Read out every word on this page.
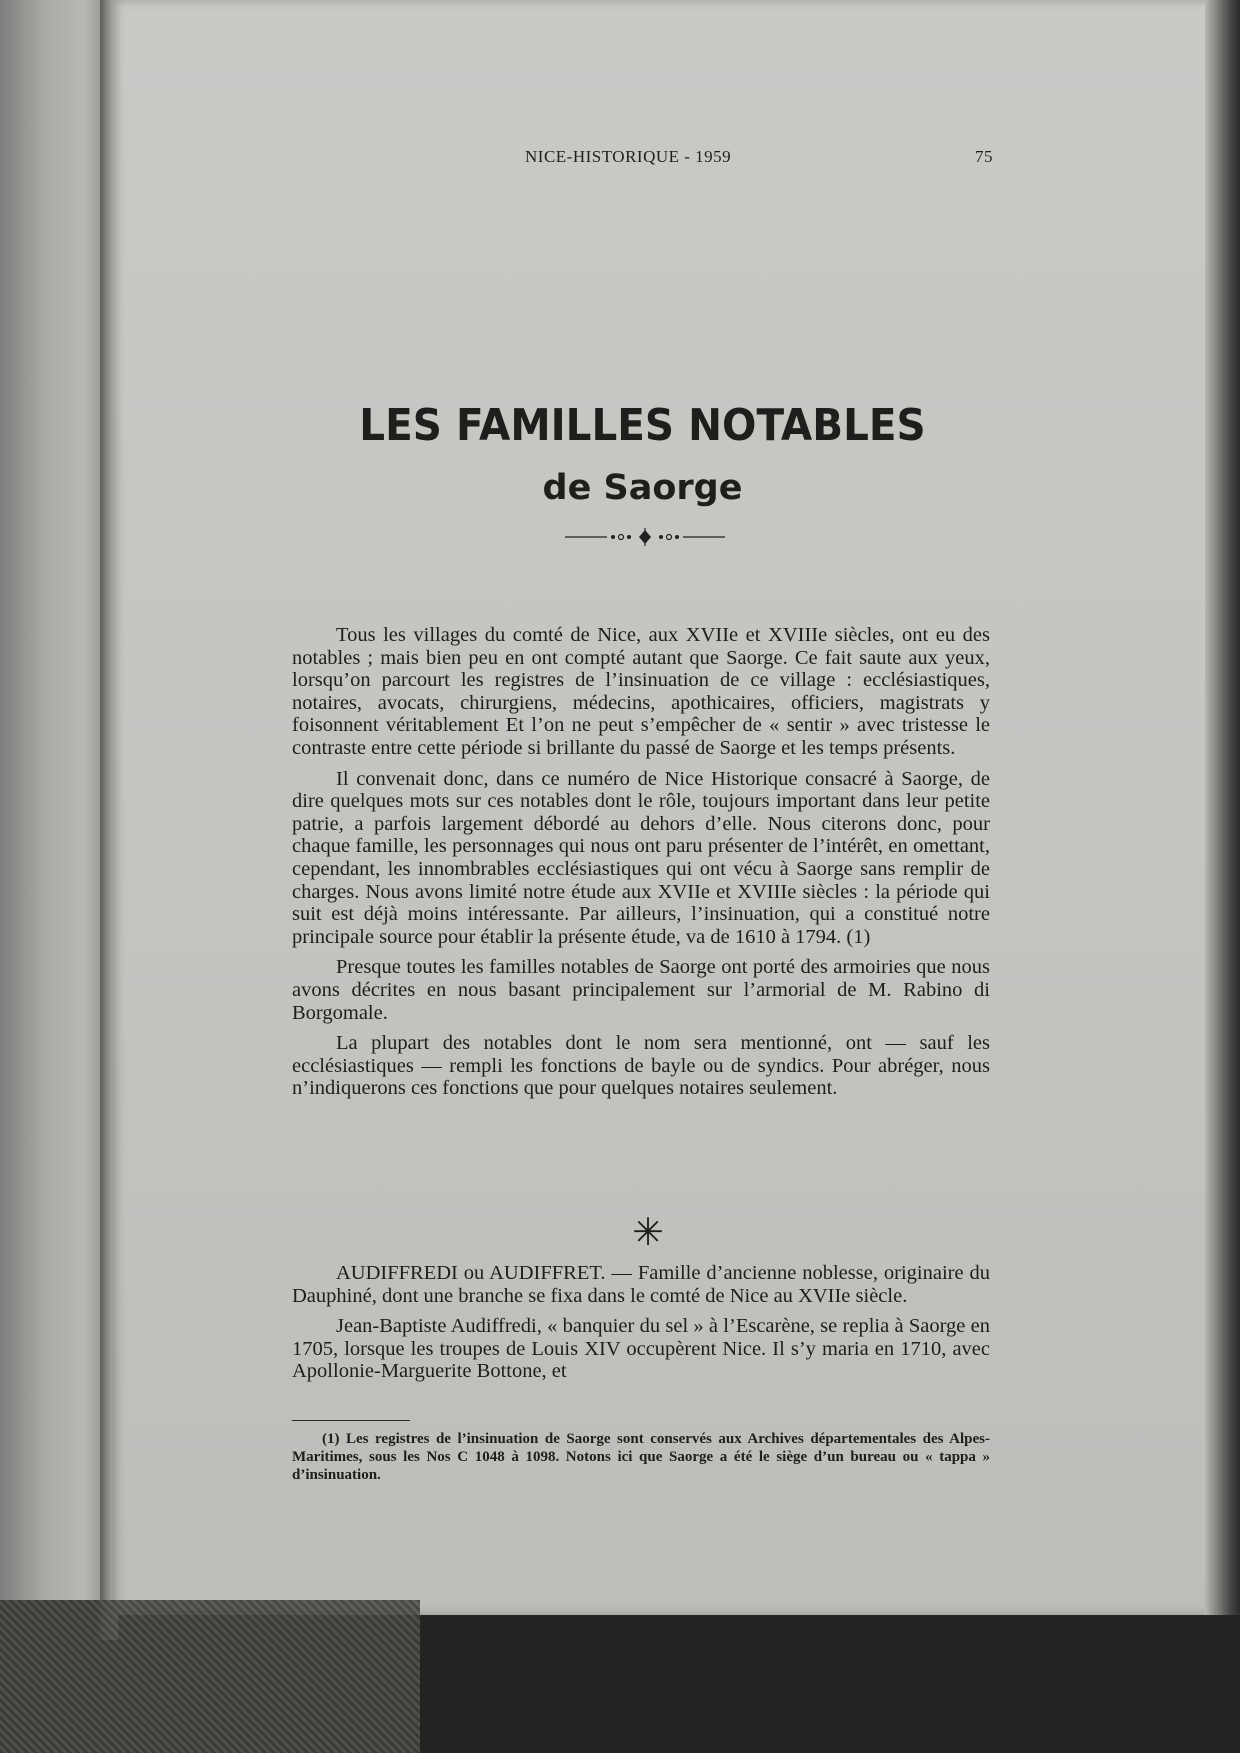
NICE-HISTORIQUE - 1959	75
LES FAMILLES NOTABLES
de Saorge

Tous les villages du comté de Nice, aux XVIIe et XVIIIe siècles, ont eu des notables ; mais bien peu en ont compté autant que Saorge. Ce fait saute aux yeux, lorsqu’on parcourt les registres de l’insinuation de ce village : ecclésiastiques, notaires, avocats, chirurgiens, médecins, apothicaires, officiers, magistrats y foisonnent véritablement Et l’on ne peut s’empêcher de « sentir » avec tristesse le contraste entre cette période si brillante du passé de Saorge et les temps présents.

Il convenait donc, dans ce numéro de Nice Historique consacré à Saorge, de dire quelques mots sur ces notables dont le rôle, toujours important dans leur petite patrie, a parfois largement débordé au dehors d’elle. Nous citerons donc, pour chaque famille, les personnages qui nous ont paru présenter de l’intérêt, en omettant, cependant, les innombrables ecclésiastiques qui ont vécu à Saorge sans remplir de charges. Nous avons limité notre étude aux XVIIe et XVIIIe siècles : la période qui suit est déjà moins intéressante. Par ailleurs, l’insinuation, qui a constitué notre principale source pour établir la présente étude, va de 1610 à 1794. (1)

Presque toutes les familles notables de Saorge ont porté des armoiries que nous avons décrites en nous basant principalement sur l’armorial de M. Rabino di Borgomale.

La plupart des notables dont le nom sera mentionné, ont — sauf les ecclésiastiques — rempli les fonctions de bayle ou de syndics. Pour abréger, nous n’indiquerons ces fonctions que pour quelques notaires seulement.

✳

AUDIFFREDI ou AUDIFFRET. — Famille d’ancienne noblesse, originaire du Dauphiné, dont une branche se fixa dans le comté de Nice au XVIIe siècle.

Jean-Baptiste Audiffredi, « banquier du sel » à l’Escarène, se replia à Saorge en 1705, lorsque les troupes de Louis XIV occupèrent Nice. Il s’y maria en 1710, avec Apollonie-Marguerite Bottone, et

(1) Les registres de l’insinuation de Saorge sont conservés aux Archives départementales des Alpes-Maritimes, sous les Nos C 1048 à 1098. Notons ici que Saorge a été le siège d’un bureau ou « tappa » d’insinuation.
